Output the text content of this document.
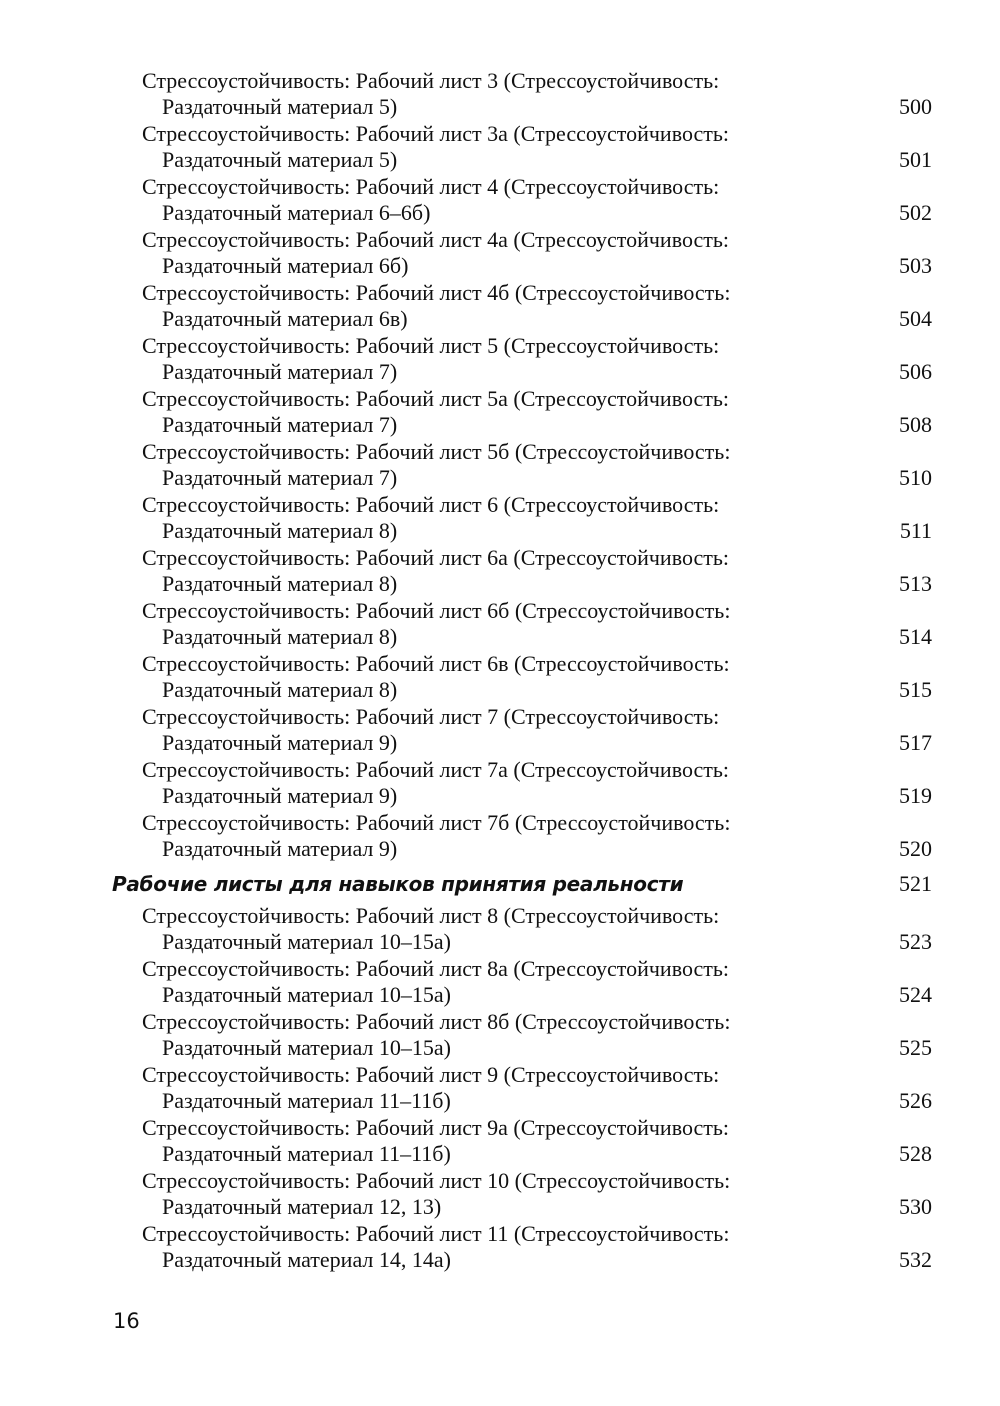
Стрессоустойчивость: Рабочий лист 3 (Стрессоустойчивость:
Раздаточный материал 5)	500
Стрессоустойчивость: Рабочий лист 3а (Стрессоустойчивость:
Раздаточный материал 5)	501
Стрессоустойчивость: Рабочий лист 4 (Стрессоустойчивость:
Раздаточный материал 6–6б)	502
Стрессоустойчивость: Рабочий лист 4а (Стрессоустойчивость:
Раздаточный материал 6б)	503
Стрессоустойчивость: Рабочий лист 4б (Стрессоустойчивость:
Раздаточный материал 6в)	504
Стрессоустойчивость: Рабочий лист 5 (Стрессоустойчивость:
Раздаточный материал 7)	506
Стрессоустойчивость: Рабочий лист 5а (Стрессоустойчивость:
Раздаточный материал 7)	508
Стрессоустойчивость: Рабочий лист 5б (Стрессоустойчивость:
Раздаточный материал 7)	510
Стрессоустойчивость: Рабочий лист 6 (Стрессоустойчивость:
Раздаточный материал 8)	511
Стрессоустойчивость: Рабочий лист 6а (Стрессоустойчивость:
Раздаточный материал 8)	513
Стрессоустойчивость: Рабочий лист 6б (Стрессоустойчивость:
Раздаточный материал 8)	514
Стрессоустойчивость: Рабочий лист 6в (Стрессоустойчивость:
Раздаточный материал 8)	515
Стрессоустойчивость: Рабочий лист 7 (Стрессоустойчивость:
Раздаточный материал 9)	517
Стрессоустойчивость: Рабочий лист 7а (Стрессоустойчивость:
Раздаточный материал 9)	519
Стрессоустойчивость: Рабочий лист 7б (Стрессоустойчивость:
Раздаточный материал 9)	520
Рабочие листы для навыков принятия реальности	521
Стрессоустойчивость: Рабочий лист 8 (Стрессоустойчивость:
Раздаточный материал 10–15а)	523
Стрессоустойчивость: Рабочий лист 8а (Стрессоустойчивость:
Раздаточный материал 10–15а)	524
Стрессоустойчивость: Рабочий лист 8б (Стрессоустойчивость:
Раздаточный материал 10–15а)	525
Стрессоустойчивость: Рабочий лист 9 (Стрессоустойчивость:
Раздаточный материал 11–11б)	526
Стрессоустойчивость: Рабочий лист 9а (Стрессоустойчивость:
Раздаточный материал 11–11б)	528
Стрессоустойчивость: Рабочий лист 10 (Стрессоустойчивость:
Раздаточный материал 12, 13)	530
Стрессоустойчивость: Рабочий лист 11 (Стрессоустойчивость:
Раздаточный материал 14, 14а)	532
16
